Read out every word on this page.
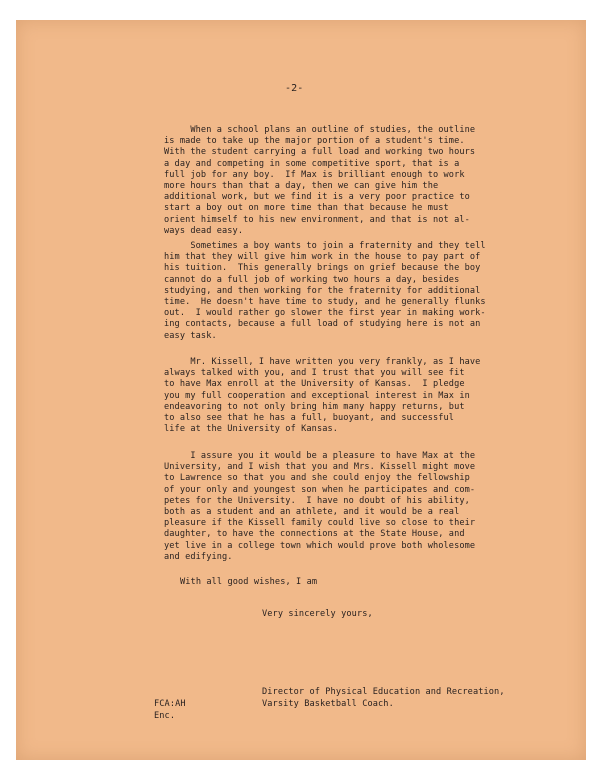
-2-
When a school plans an outline of studies, the outline
is made to take up the major portion of a student's time.
With the student carrying a full load and working two hours
a day and competing in some competitive sport, that is a
full job for any boy.  If Max is brilliant enough to work
more hours than that a day, then we can give him the
additional work, but we find it is a very poor practice to
start a boy out on more time than that because he must
orient himself to his new environment, and that is not al-
ways dead easy.
Sometimes a boy wants to join a fraternity and they tell
him that they will give him work in the house to pay part of
his tuition.  This generally brings on grief because the boy
cannot do a full job of working two hours a day, besides
studying, and then working for the fraternity for additional
time.  He doesn't have time to study, and he generally flunks
out.  I would rather go slower the first year in making work-
ing contacts, because a full load of studying here is not an
easy task.
Mr. Kissell, I have written you very frankly, as I have
always talked with you, and I trust that you will see fit
to have Max enroll at the University of Kansas.  I pledge
you my full cooperation and exceptional interest in Max in
endeavoring to not only bring him many happy returns, but
to also see that he has a full, buoyant, and successful
life at the University of Kansas.
I assure you it would be a pleasure to have Max at the
University, and I wish that you and Mrs. Kissell might move
to Lawrence so that you and she could enjoy the fellowship
of your only and youngest son when he participates and com-
petes for the University.  I have no doubt of his ability,
both as a student and an athlete, and it would be a real
pleasure if the Kissell family could live so close to their
daughter, to have the connections at the State House, and
yet live in a college town which would prove both wholesome
and edifying.
With all good wishes, I am
Very sincerely yours,
Director of Physical Education and Recreation,
Varsity Basketball Coach.
FCA:AH
Enc.
